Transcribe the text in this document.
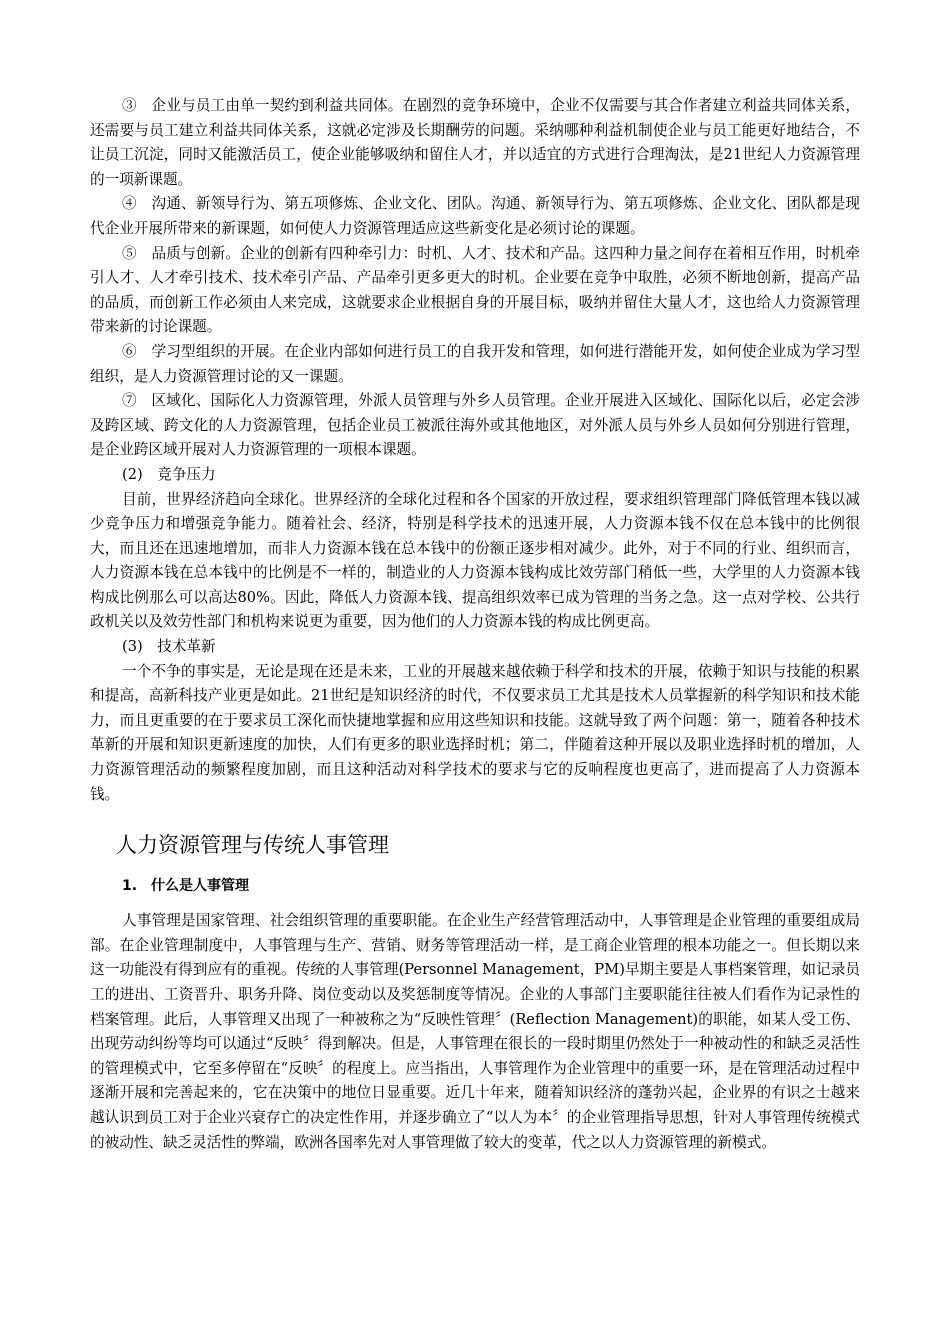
③　企业与员工由单一契约到利益共同体。在剧烈的竞争环境中，企业不仅需要与其合作者建立利益共同体关系，还需要与员工建立利益共同体关系，这就必定涉及长期酬劳的问题。采纳哪种利益机制使企业与员工能更好地结合，不让员工沉淀，同时又能激活员工，使企业能够吸纳和留住人才，并以适宜的方式进行合理淘汰，是21世纪人力资源管理的一项新课题。

④　沟通、新领导行为、第五项修炼、企业文化、团队。沟通、新领导行为、第五项修炼、企业文化、团队都是现代企业开展所带来的新课题，如何使人力资源管理适应这些新变化是必须讨论的课题。

⑤　品质与创新。企业的创新有四种牵引力：时机、人才、技术和产品。这四种力量之间存在着相互作用，时机牵引人才、人才牵引技术、技术牵引产品、产品牵引更多更大的时机。企业要在竞争中取胜，必须不断地创新，提高产品的品质，而创新工作必须由人来完成，这就要求企业根据自身的开展目标，吸纳并留住大量人才，这也给人力资源管理带来新的讨论课题。

⑥　学习型组织的开展。在企业内部如何进行员工的自我开发和管理，如何进行潜能开发，如何使企业成为学习型组织，是人力资源管理讨论的又一课题。

⑦　区域化、国际化人力资源管理，外派人员管理与外乡人员管理。企业开展进入区域化、国际化以后，必定会涉及跨区域、跨文化的人力资源管理，包括企业员工被派往海外或其他地区，对外派人员与外乡人员如何分别进行管理，是企业跨区域开展对人力资源管理的一项根本课题。

(2)　竞争压力

目前，世界经济趋向全球化。世界经济的全球化过程和各个国家的开放过程，要求组织管理部门降低管理本钱以减少竞争压力和增强竞争能力。随着社会、经济，特别是科学技术的迅速开展，人力资源本钱不仅在总本钱中的比例很大，而且还在迅速地增加，而非人力资源本钱在总本钱中的份额正逐步相对减少。此外，对于不同的行业、组织而言，人力资源本钱在总本钱中的比例是不一样的，制造业的人力资源本钱构成比效劳部门稍低一些，大学里的人力资源本钱构成比例那么可以高达80%。因此，降低人力资源本钱、提高组织效率已成为管理的当务之急。这一点对学校、公共行政机关以及效劳性部门和机构来说更为重要，因为他们的人力资源本钱的构成比例更高。

(3)　技术革新

一个不争的事实是，无论是现在还是未来，工业的开展越来越依赖于科学和技术的开展，依赖于知识与技能的积累和提高，高新科技产业更是如此。21世纪是知识经济的时代，不仅要求员工尤其是技术人员掌握新的科学知识和技术能力，而且更重要的在于要求员工深化而快捷地掌握和应用这些知识和技能。这就导致了两个问题：第一，随着各种技术革新的开展和知识更新速度的加快，人们有更多的职业选择时机；第二，伴随着这种开展以及职业选择时机的增加，人力资源管理活动的频繁程度加剧，而且这种活动对科学技术的要求与它的反响程度也更高了，进而提高了人力资源本钱。

人力资源管理与传统人事管理
1.　什么是人事管理

人事管理是国家管理、社会组织管理的重要职能。在企业生产经营管理活动中，人事管理是企业管理的重要组成局部。在企业管理制度中，人事管理与生产、营销、财务等管理活动一样，是工商企业管理的根本功能之一。但长期以来这一功能没有得到应有的重视。传统的人事管理(Personnel Management，PM)早期主要是人事档案管理，如记录员工的进出、工资晋升、职务升降、岗位变动以及奖惩制度等情况。企业的人事部门主要职能往往被人们看作为记录性的档案管理。此后，人事管理又出现了一种被称之为“反映性管理〞(Reflection Management)的职能，如某人受工伤、出现劳动纠纷等均可以通过“反映〞得到解决。但是，人事管理在很长的一段时期里仍然处于一种被动性的和缺乏灵活性的管理模式中，它至多停留在“反映〞的程度上。应当指出，人事管理作为企业管理中的重要一环，是在管理活动过程中逐渐开展和完善起来的，它在决策中的地位日显重要。近几十年来，随着知识经济的蓬勃兴起，企业界的有识之士越来越认识到员工对于企业兴衰存亡的决定性作用，并逐步确立了“以人为本〞的企业管理指导思想，针对人事管理传统模式的被动性、缺乏灵活性的弊端，欧洲各国率先对人事管理做了较大的变革，代之以人力资源管理的新模式。
